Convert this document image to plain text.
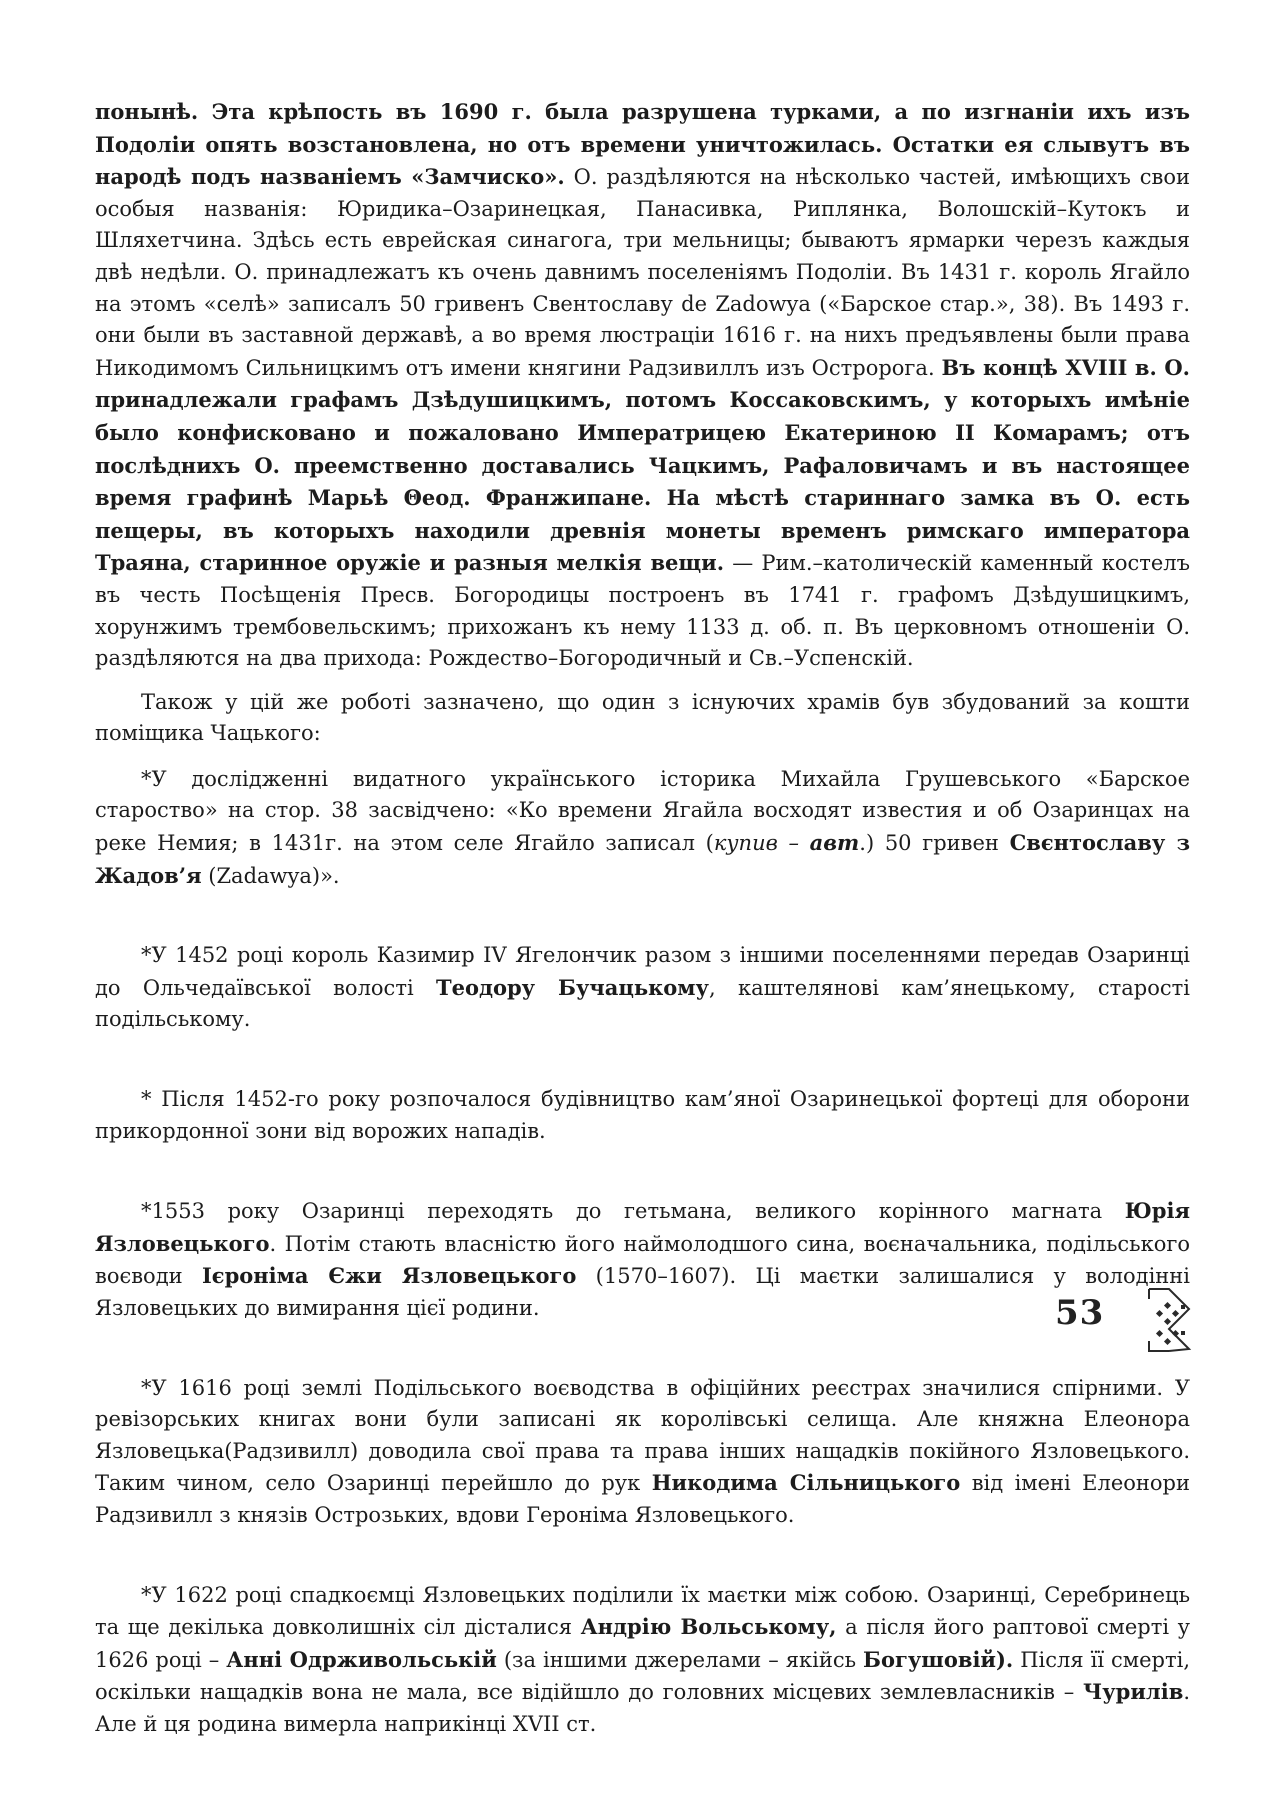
понынѣ. Эта крѣпость въ 1690 г. была разрушена турками, а по изгнаніи ихъ изъ Подоліи опять возстановлена, но отъ времени уничтожилась. Остатки ея слывутъ въ народѣ подъ названіемъ «Замчиско». О. раздѣляются на нѣсколько частей, имѣющихъ свои особыя названія: Юридика–Озаринецкая, Панасивка, Риплянка, Волошскій–Кутокъ и Шляхетчина. Здѣсь есть еврейская синагога, три мельницы; бываютъ ярмарки черезъ каждыя двѣ недѣли. О. принадлежатъ къ очень давнимъ поселеніямъ Подоліи. Въ 1431 г. король Ягайло на этомъ «селѣ» записалъ 50 гривенъ Свентославу de Zadowya («Барское стар.», 38). Въ 1493 г. они были въ заставной державѣ, а во время люстраціи 1616 г. на нихъ предъявлены были права Никодимомъ Сильницкимъ отъ имени княгини Радзивиллъ изъ Остророга. Въ концѣ XVIII в. О. принадлежали графамъ Дзѣдушицкимъ, потомъ Коссаковскимъ, у которыхъ имѣніе было конфисковано и пожаловано Императрицею Екатериною II Комарамъ; отъ послѣднихъ О. преемственно доставались Чацкимъ, Рафаловичамъ и въ настоящее время графинѣ Марьѣ Θеод. Франжипане. На мѣстѣ стариннаго замка въ О. есть пещеры, въ которыхъ находили древнія монеты временъ римскаго императора Траяна, старинное оружіе и разныя мелкія вещи. — Рим.–католическій каменный костелъ въ честь Посѣщенія Пресв. Богородицы построенъ въ 1741 г. графомъ Дзѣдушицкимъ, хорунжимъ трембовельскимъ; прихожанъ къ нему 1133 д. об. п. Въ церковномъ отношеніи О. раздѣляются на два прихода: Рождество–Богородичный и Св.–Успенскій.

Також у цій же роботі зазначено, що один з існуючих храмів був збудований за кошти поміщика Чацького:

*У дослідженні видатного українського історика Михайла Грушевського «Барское староство» на стор. 38 засвідчено: «Ко времени Ягайла восходят известия и об Озаринцах на реке Немия; в 1431г. на этом селе Ягайло записал (купив – авт.) 50 гривен Свєнтославу з Жадов’я (Zadawya)».

*У 1452 році король Казимир IV Ягелончик разом з іншими поселеннями передав Озаринці до Ольчедаївської волості Теодору Бучацькому, каштелянові кам’янецькому, старості подільському.

* Після 1452-го року розпочалося будівництво кам’яної Озаринецької фортеці для оборони прикордонної зони від ворожих нападів.

*1553 року Озаринці переходять до гетьмана, великого корінного магната Юрія Язловецького. Потім стають власністю його наймолодшого сина, воєначальника, подільського воєводи Ієроніма Єжи Язловецького (1570–1607). Ці маєтки залишалися у володінні Язловецьких до вимирання цієї родини.

*У 1616 році землі Подільського воєводства в офіційних реєстрах значилися спірними. У ревізорських книгах вони були записані як королівські селища. Але княжна Елеонора Язловецька(Радзивилл) доводила свої права та права інших нащадків покійного Язловецького. Таким чином, село Озаринці перейшло до рук Никодима Сільницького від імені Елеонори Радзивилл з князів Острозьких, вдови Героніма Язловецького.

*У 1622 році спадкоємці Язловецьких поділили їх маєтки між собою. Озаринці, Серебринець та ще декілька довколишніх сіл дісталися Андрію Вольському, а після його раптової смерті у 1626 році – Анні Одрживольській (за іншими джерелами – якійсь Богушовій). Після її смерті, оскільки нащадків вона не мала, все відійшло до головних місцевих землевласників – Чурилів. Але й ця родина вимерла наприкінці XVII ст.

53
